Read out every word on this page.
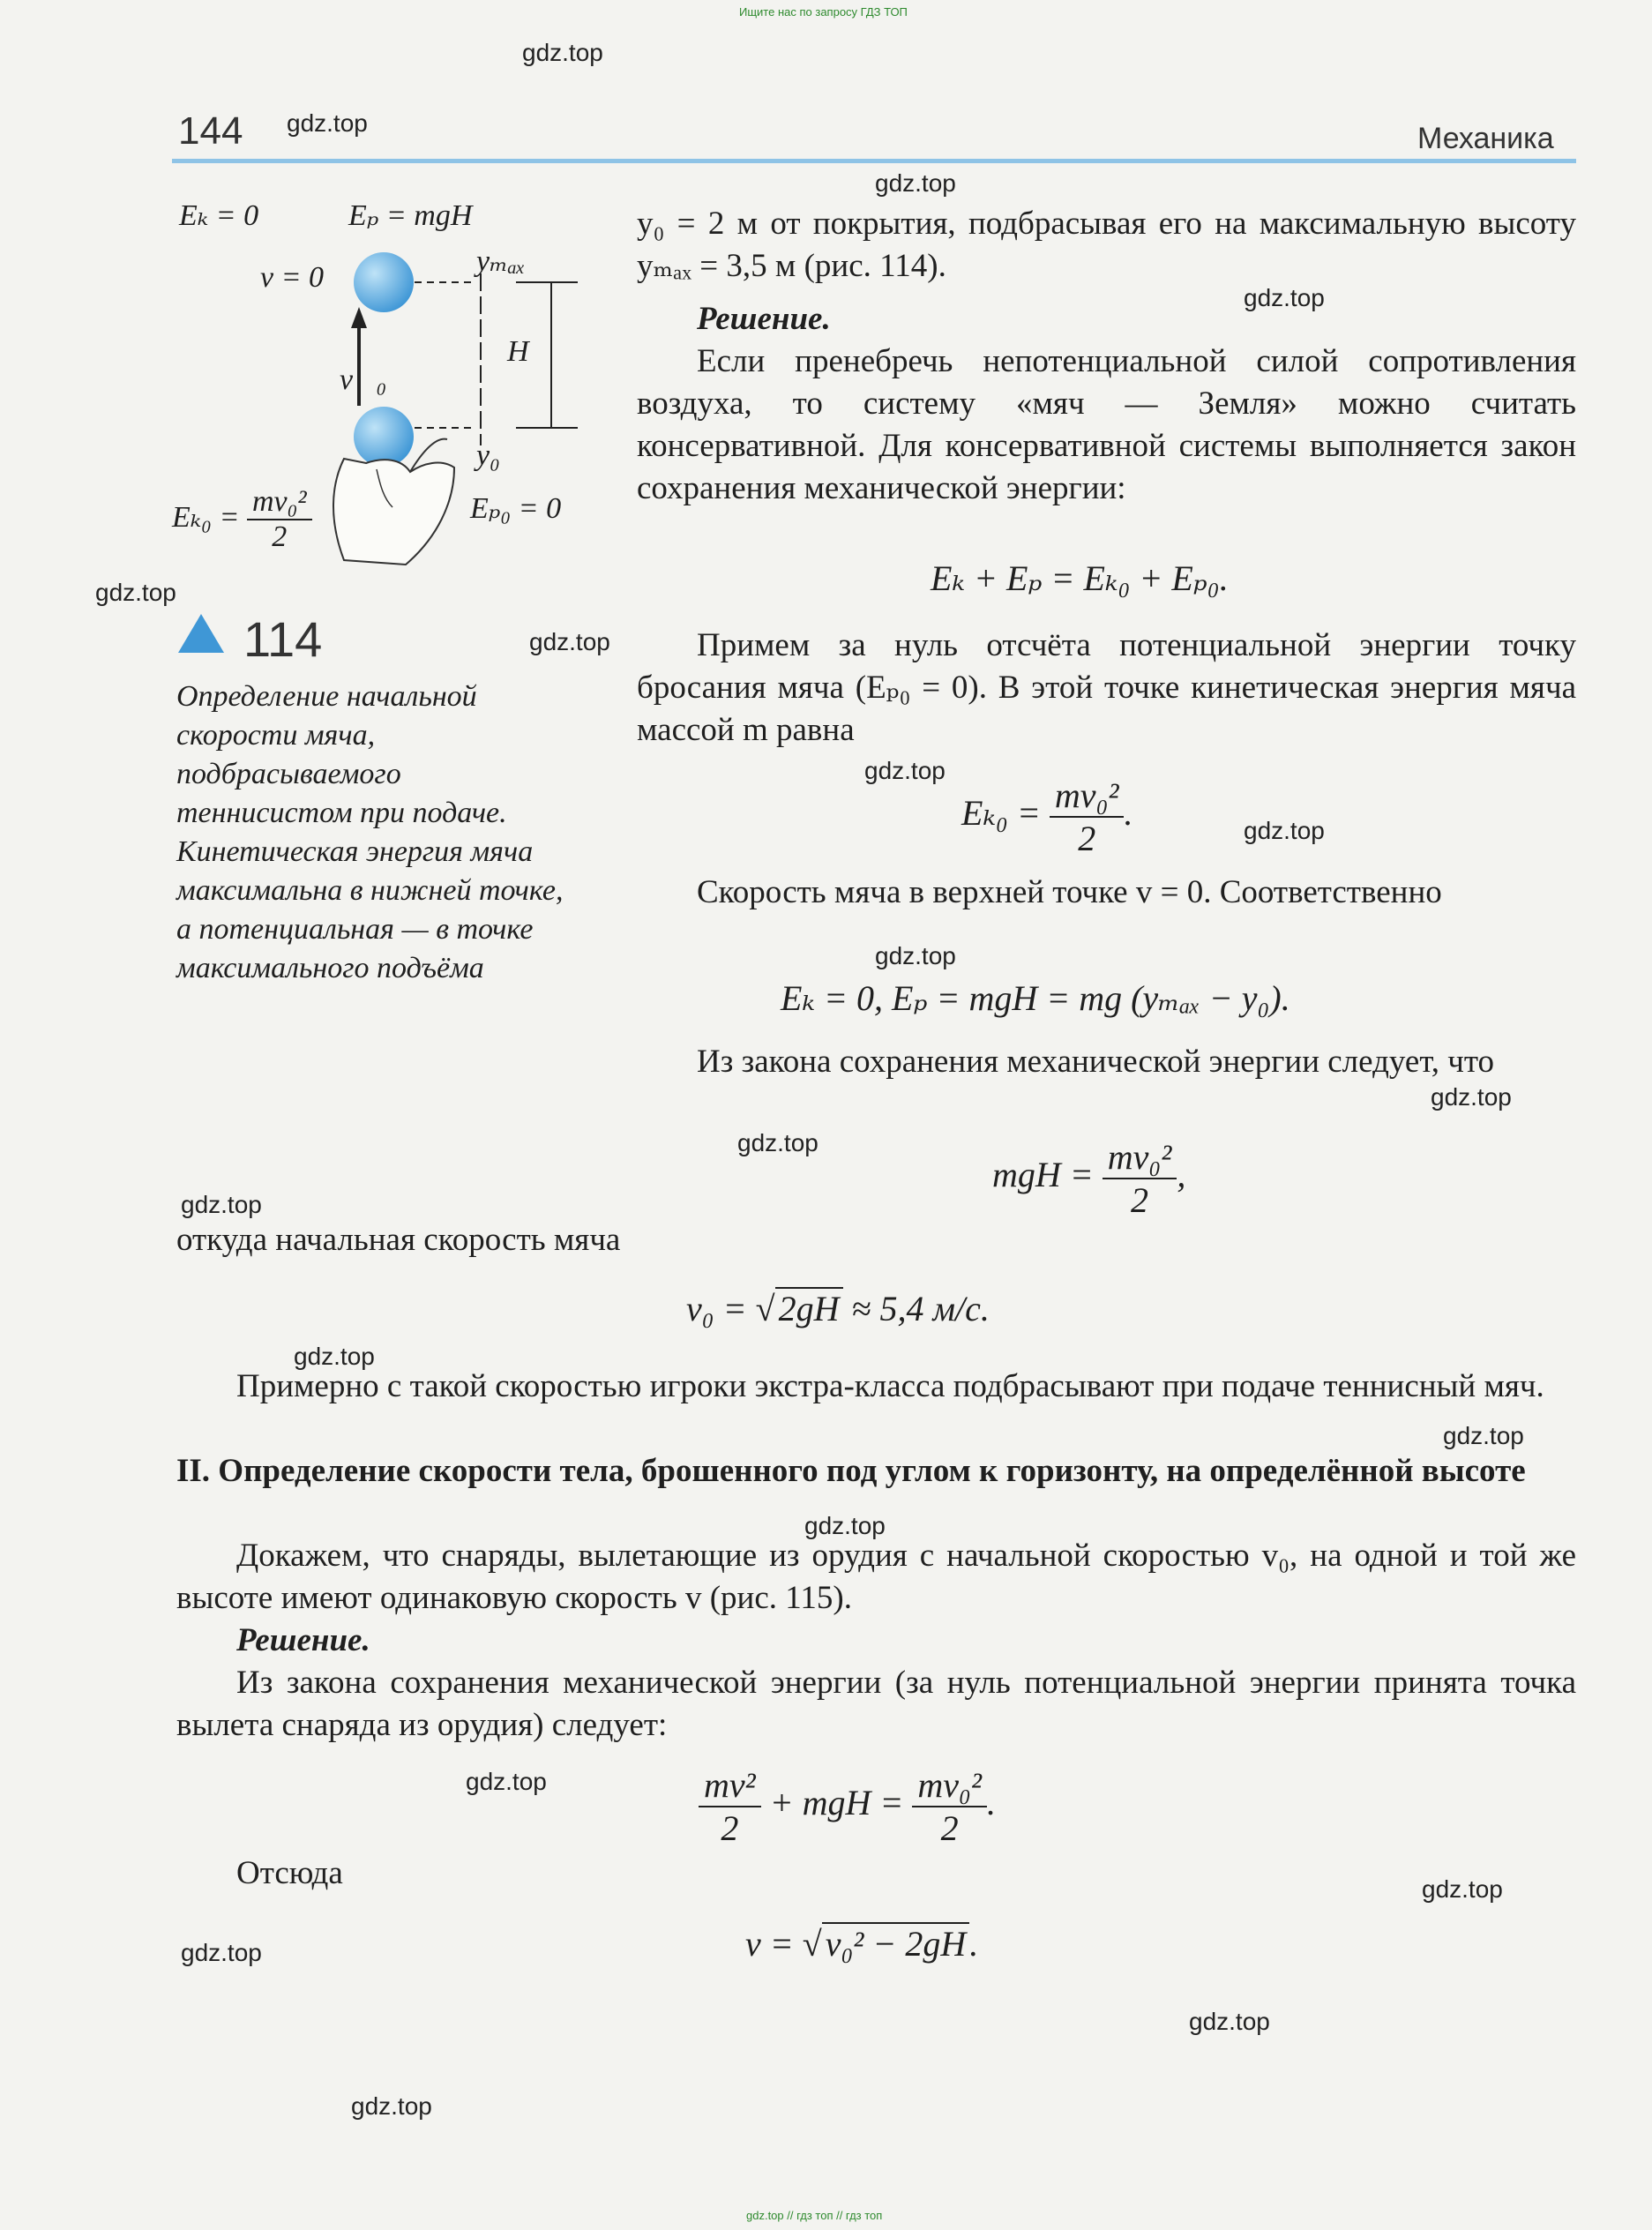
Ищите нас по запросу ГДЗ ТОП
gdz.top // гдз топ // гдз топ
144	Механика
Eₖ = 0	Eₚ = mgH
v = 0	yₘₐₓ
H
v⃗₀
y₀
$E_{k0} = \frac{\text{mv₀²}}{2}$	Eₚ₀ = 0
114
Определение начальной скорости мяча, подбрасываемого теннисистом при подаче. Кинетическая энергия мяча максимальна в нижней точке, а потенциальная — в точке максимального подъёма
y₀ = 2 м от покрытия, подбрасывая его на максимальную высоту yₘₐₓ = 3,5 м (рис. 114).
Решение.
Если пренебречь непотенциальной силой сопротивления воздуха, то систему «мяч — Земля» можно считать консервативной. Для консервативной системы выполняется закон сохранения механической энергии:
Eₖ + Eₚ = Eₖ₀ + Eₚ₀.
Примем за нуль отсчёта потенциальной энергии точку бросания мяча (Eₚ₀ = 0). В этой точке кинетическая энергия мяча массой m равна
$E_{k0} = \frac{\text{mv₀²}}{2}$ .
Скорость мяча в верхней точке v = 0. Соответственно
Eₖ = 0, Eₚ = mgH = mg (yₘₐₓ − y₀).
Из закона сохранения механической энергии следует, что
mgH = $\frac{\text{mv₀²}}{2}$ ,
откуда начальная скорость мяча
v₀ = √ 2gH ≈ 5,4 м/с.
Примерно с такой скоростью игроки экстра-класса подбрасывают при подаче теннисный мяч.
II. Определение скорости тела, брошенного под углом к горизонту, на определённой высоте
Докажем, что снаряды, вылетающие из орудия с начальной скоростью v₀, на одной и той же высоте имеют одинаковую скорость v (рис. 115).
Решение.
Из закона сохранения механической энергии (за нуль потенциальной энергии принята точка вылета снаряда из орудия) следует:
$\frac{\text{mv²}}{2}$ + mgH = $\frac{\text{mv₀²}}{2}$ .
Отсюда
v = √ v₀² − 2gH .
gdz.top
gdz.top
gdz.top
gdz.top
gdz.top
gdz.top
gdz.top
gdz.top
gdz.top
gdz.top
gdz.top
gdz.top
gdz.top
gdz.top
gdz.top
gdz.top
gdz.top
gdz.top
gdz.top
gdz.top
